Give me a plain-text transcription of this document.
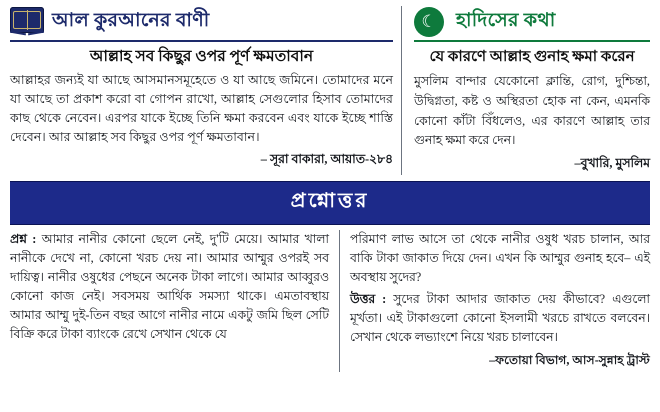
আল কুরআনের বাণী
আল্লাহ সব কিছুর ওপর পূর্ণ ক্ষমতাবান
আল্লাহর জন্যই যা আছে আসমানসমূহেতে ও যা আছে জমিনে। তোমাদের মনে যা আছে তা প্রকাশ করো বা গোপন রাখো, আল্লাহ সেগুলোর হিসাব তোমাদের কাছ থেকে নেবেন। এরপর যাকে ইচ্ছে তিনি ক্ষমা করবেন এবং যাকে ইচ্ছে শাস্তি দেবেন। আর আল্লাহ সব কিছুর ওপর পূর্ণ ক্ষমতাবান।
– সূরা বাকারা, আয়াত-২৮৪
☾	হাদিসের কথা
যে কারণে আল্লাহ গুনাহ ক্ষমা করেন
মুসলিম বান্দার যেকোনো ক্লান্তি, রোগ, দুশ্চিন্তা, উদ্বিগ্নতা, কষ্ট ও অস্থিরতা হোক না কেন, এমনকি কোনো কাঁটা বিঁধলেও, এর কারণে আল্লাহ তার গুনাহ ক্ষমা করে দেন।
–বুখারি, মুসলিম
প্রশ্নোত্তর
প্রশ্ন : আমার নানীর কোনো ছেলে নেই, দু'টি মেয়ে। আমার খালা নানীকে দেখে না, কোনো খরচ দেয় না। আমার আম্মুর ওপরই সব দায়িত্ব। নানীর ওষুধের পেছনে অনেক টাকা লাগে। আমার আব্বুরও কোনো কাজ নেই। সবসময় আর্থিক সমস্যা থাকে। এমতাবস্থায় আমার আম্মু দুই-তিন বছর আগে নানীর নামে একটু জমি ছিল সেটি বিক্রি করে টাকা ব্যাংকে রেখে সেখান থেকে যে
পরিমাণ লাভ আসে তা থেকে নানীর ওষুধ খরচ চালান, আর বাকি টাকা জাকাত দিয়ে দেন। এখন কি আম্মুর গুনাহ হবে– এই অবস্থায় সুদের?
উত্তর : সুদের টাকা আদার জাকাত দেয় কীভাবে? এগুলো মূর্খতা। এই টাকাগুলো কোনো ইসলামী খরচে রাখতে বলবেন। সেখান থেকে লভ্যাংশে নিয়ে খরচ চালাবেন।
–ফতোয়া বিভাগ, আস-সুন্নাহ ট্রাস্ট
